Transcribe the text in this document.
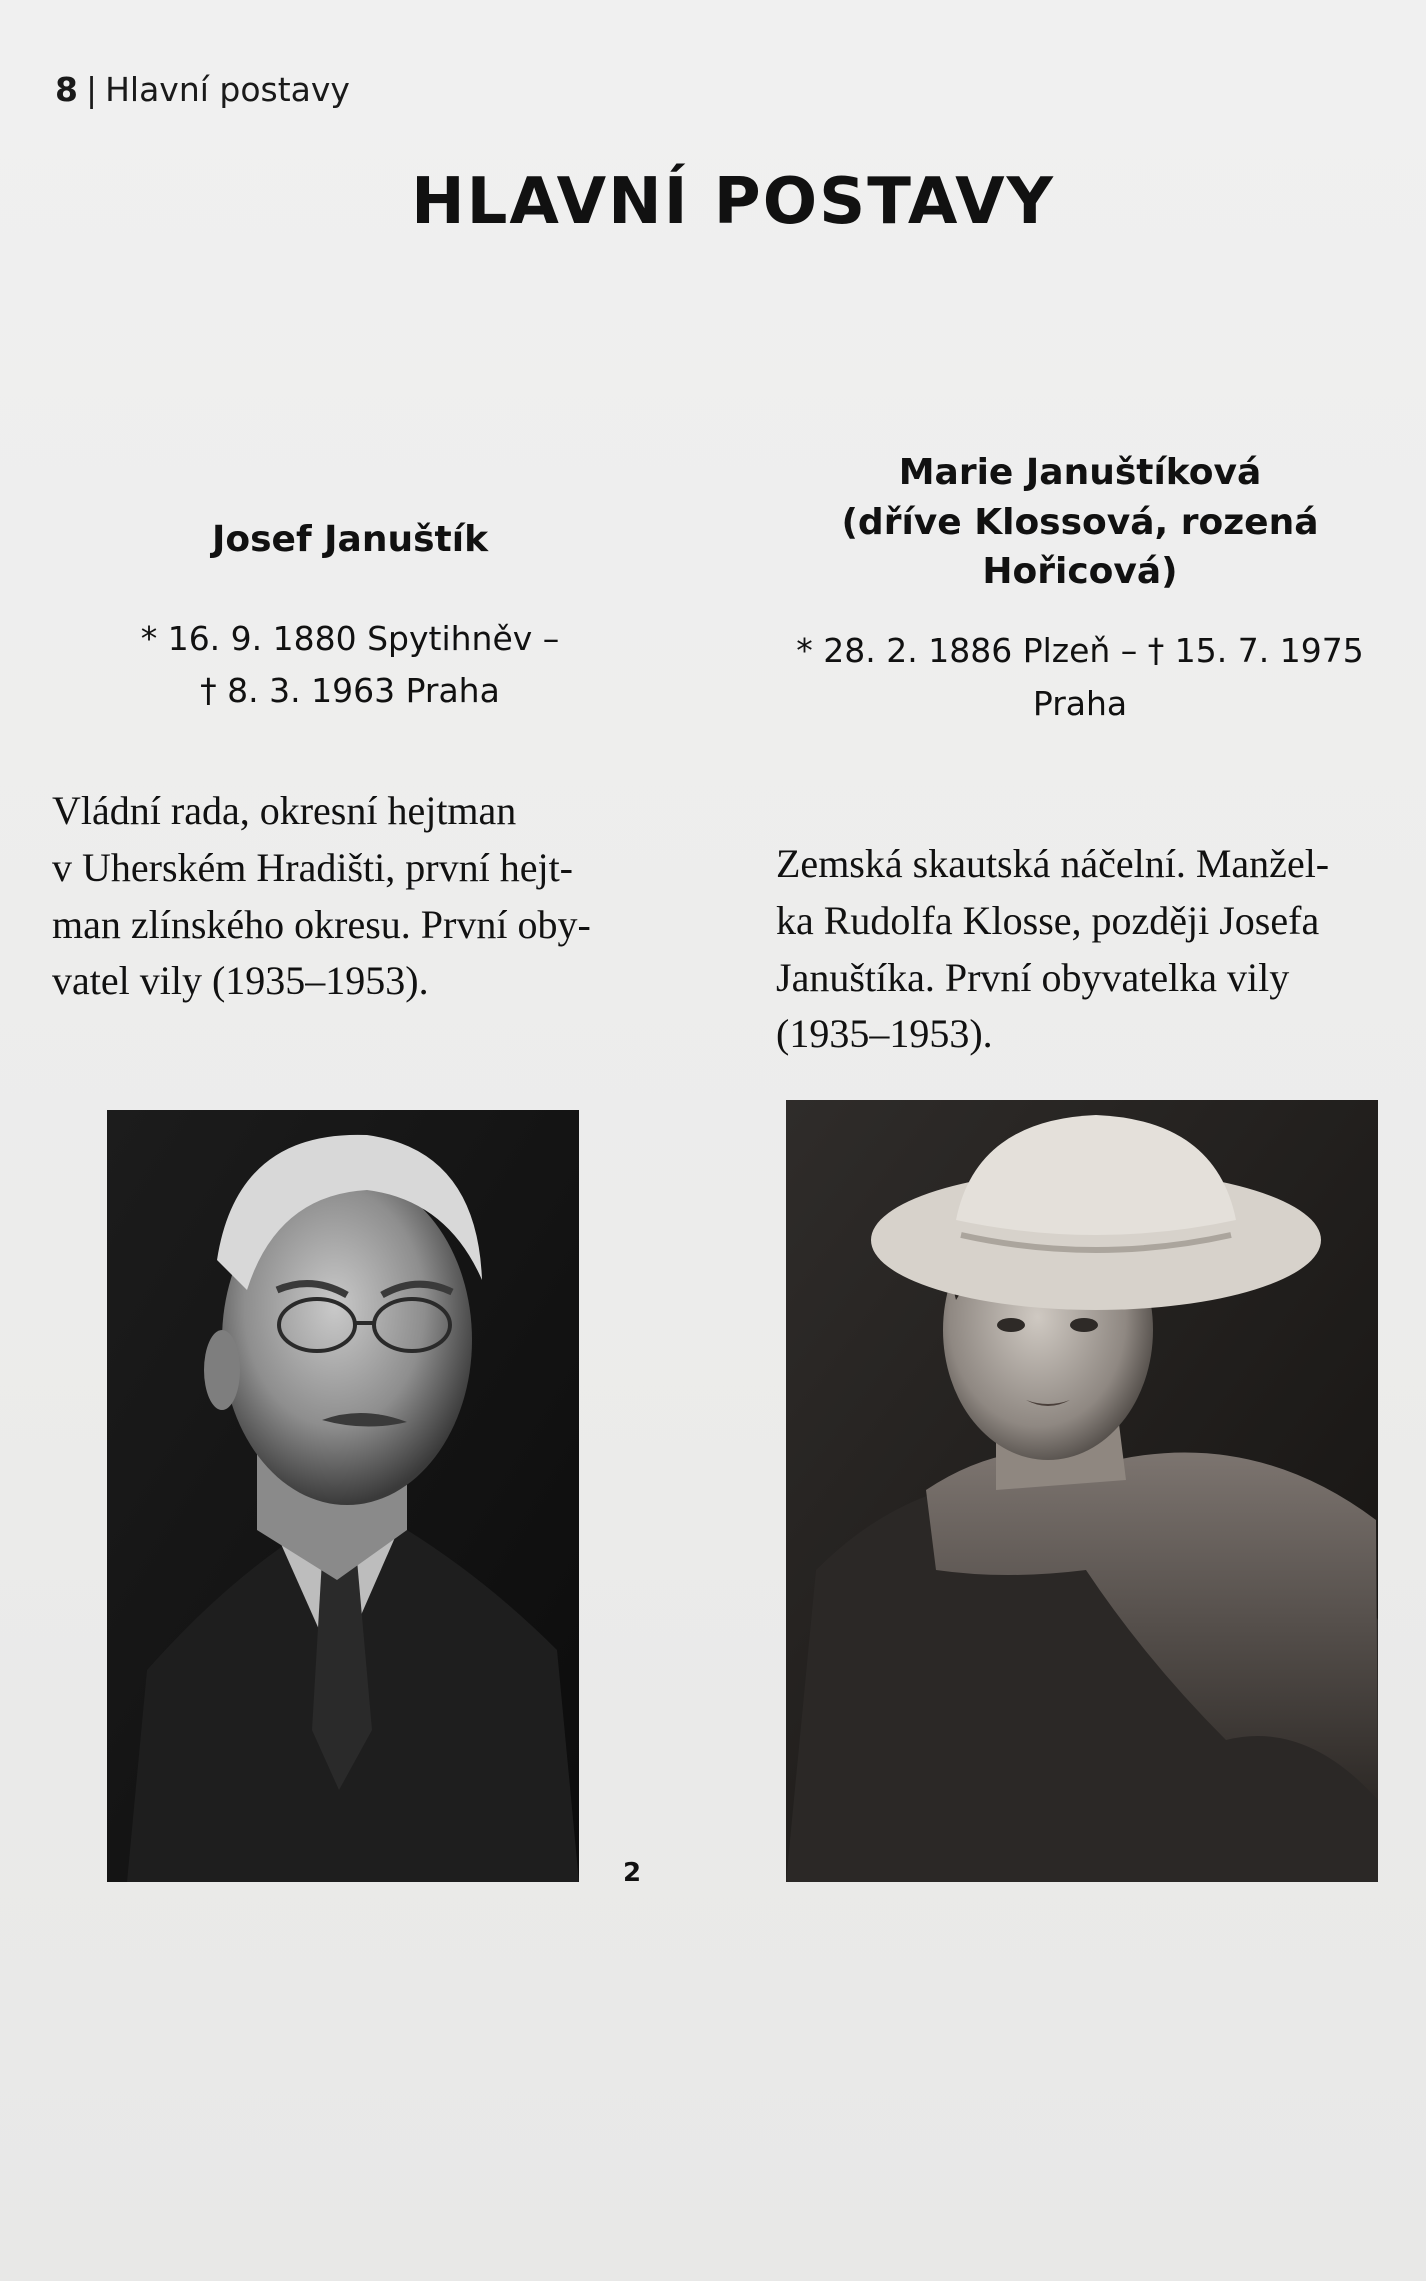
8 | Hlavní postavy
HLAVNÍ POSTAVY
Josef Januštík
* 16. 9. 1880 Spytihněv –
† 8. 3. 1963 Praha
Vládní rada, okresní hejtman
v Uherském Hradišti, první hejt-
man zlínského okresu. První oby-
vatel vily (1935–1953).
Marie Januštíková
(dříve Klossová, rozená
Hořicová)
* 28. 2. 1886 Plzeň – † 15. 7. 1975
Praha
Zemská skautská náčelní. Manžel-
ka Rudolfa Klosse, později Josefa
Januštíka. První obyvatelka vily
(1935–1953).
2
